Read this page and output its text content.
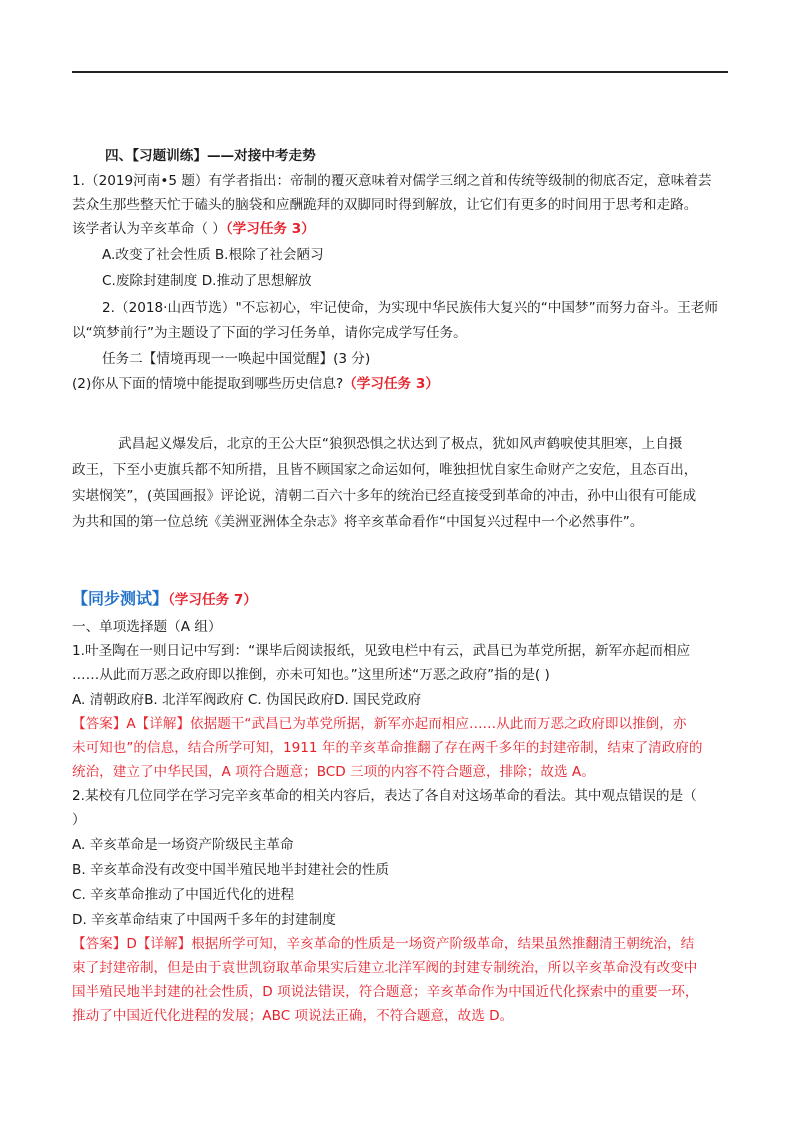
四、【习题训练】——对接中考走势
1.（2019河南•5 题）有学者指出：帝制的覆灭意味着对儒学三纲之首和传统等级制的彻底否定，意味着芸
芸众生那些整天忙于磕头的脑袋和应酬跪拜的双脚同时得到解放，让它们有更多的时间用于思考和走路。
该学者认为辛亥革命（ ）（学习任务 3）
A.改变了社会性质 B.根除了社会陋习
C.废除封建制度 D.推动了思想解放
2.（2018·山西节选）"不忘初心，牢记使命，为实现中华民族伟大复兴的“中国梦”而努力奋斗。王老师
以“筑梦前行”为主题设了下面的学习任务单，请你完成学写任务。
任务二【情境再现一一唤起中国觉醒】(3 分)
(2)你从下面的情境中能提取到哪些历史信息?（学习任务 3）
武昌起义爆发后，北京的王公大臣“狼狈恐惧之状达到了极点，犹如风声鹤唳使其胆寒，上自摄
政王，下至小吏旗兵都不知所措，且皆不顾国家之命运如何，唯独担忧自家生命财产之安危，且态百出，
实堪悯笑”，(英国画报》评论说，清朝二百六十多年的统治已经直接受到革命的冲击，孙中山很有可能成
为共和国的第一位总统《美洲亚洲体全杂志》将辛亥革命看作“中国复兴过程中一个必然事件”。
【同步测试】（学习任务 7）
一、单项选择题（A 组）
1.叶圣陶在一则日记中写到：“课毕后阅读报纸，见致电栏中有云，武昌已为革党所据，新军亦起而相应
……从此而万恶之政府即以推倒，亦未可知也。”这里所述“万恶之政府”指的是( )
A. 清朝政府B. 北洋军阀政府 C. 伪国民政府D. 国民党政府
【答案】A【详解】依据题干“武昌已为革党所据，新军亦起而相应……从此而万恶之政府即以推倒，亦
未可知也”的信息，结合所学可知，1911 年的辛亥革命推翻了存在两千多年的封建帝制，结束了清政府的
统治，建立了中华民国，A 项符合题意；BCD 三项的内容不符合题意，排除；故选 A。
2.某校有几位同学在学习完辛亥革命的相关内容后，表达了各自对这场革命的看法。其中观点错误的是（
）
A. 辛亥革命是一场资产阶级民主革命
B. 辛亥革命没有改变中国半殖民地半封建社会的性质
C. 辛亥革命推动了中国近代化的进程
D. 辛亥革命结束了中国两千多年的封建制度
【答案】D【详解】根据所学可知，辛亥革命的性质是一场资产阶级革命，结果虽然推翻清王朝统治，结
束了封建帝制，但是由于袁世凯窃取革命果实后建立北洋军阀的封建专制统治，所以辛亥革命没有改变中
国半殖民地半封建的社会性质，D 项说法错误，符合题意；辛亥革命作为中国近代化探索中的重要一环，
推动了中国近代化进程的发展；ABC 项说法正确，不符合题意，故选 D。
